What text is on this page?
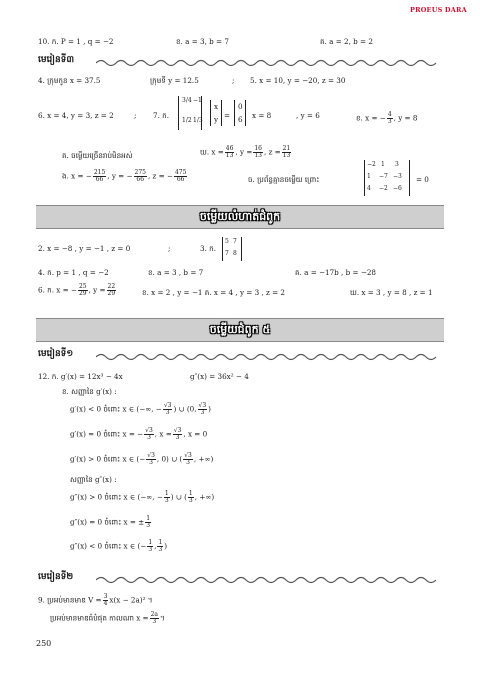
PROEUS DARA
10. ក. P = 1 , q = −2	ខ. a = 3, b = 7	គ. a = 2, b = 2
មេរៀនទី៣
4. ក្រុមកូន x = 37.5	ក្រុមទី y = 12.5	; 5. x = 10, y = −20, z = 30
6. x = 4, y = 3, z = 2	; 7. ក.
3/4 −1
1/2 1/3
x
y =
0
6 x = 8	, y = 6	ខ. x = − $\frac{4}{3}$ , y = 8
គ. ចម្លើយច្រើនរាប់មិនអស់	ឃ. $x = \frac{46}{13}$ , $y = \frac{16}{13}$ , $z = \frac{21}{13}$
ង. x = − $\frac{215}{66}$ , y = − $\frac{275}{66}$ , z = − $\frac{475}{66}$	ច. ប្រព័ន្ធគ្មានចម្លើយ ព្រោះ
−2 1 3
1 −7 −3
4 −2 −6
= 0
ចម្លើយលំហាត់ជំពូក
2. x = −8 , y = −1 , z = 0	;	3. ក.
5 7
7 8
4. ក. p = 1 , q = −2	ខ. a = 3 , b = 7	គ. a = −17b , b = −28
6. ក. x = − $\frac{25}{29}$ , $y = \frac{22}{29}$	ខ. x = 2 , y = −1 គ. x = 4 , y = 3 , z = 2	ឃ. x = 3 , y = 8 , z = 1
ចម្លើយជំពូក ៥
មេរៀនទី១
12. ក. g′(x) = 12x³ − 4x	g″(x) = 36x² − 4
ខ. សញ្ញានៃ g′(x) :
g′(x) < 0 ចំពោះ x ∈ (−∞, − $\frac{√3}{3}$ ) ∪ (0, $\frac{√3}{3}$ )
g′(x) = 0 ចំពោះ x = − $\frac{√3}{3}$ , $x = \frac{√3}{3}$ , x = 0
g′(x) > 0 ចំពោះ x ∈ (− $\frac{√3}{3}$ , 0) ∪ ( $\frac{√3}{3}$ , +∞)
សញ្ញានៃ g″(x) :
g″(x) > 0 ចំពោះ x ∈ (−∞, − $\frac{1}{3}$ ) ∪ ( $\frac{1}{3}$ , +∞)
g″(x) = 0 ចំពោះ x = ± $\frac{1}{3}$
g″(x) < 0 ចំពោះ x ∈ (− $\frac{1}{3}$ , $\frac{1}{3}$ )
មេរៀនទី២
9. ប្រអប់មានមាឌ $V = \frac{3}{4} x(x - 2a)^2$ ។
ប្រអប់មានមាឌធំបំផុត កាលណា $x = \frac{2a}{3}$ ។
250
